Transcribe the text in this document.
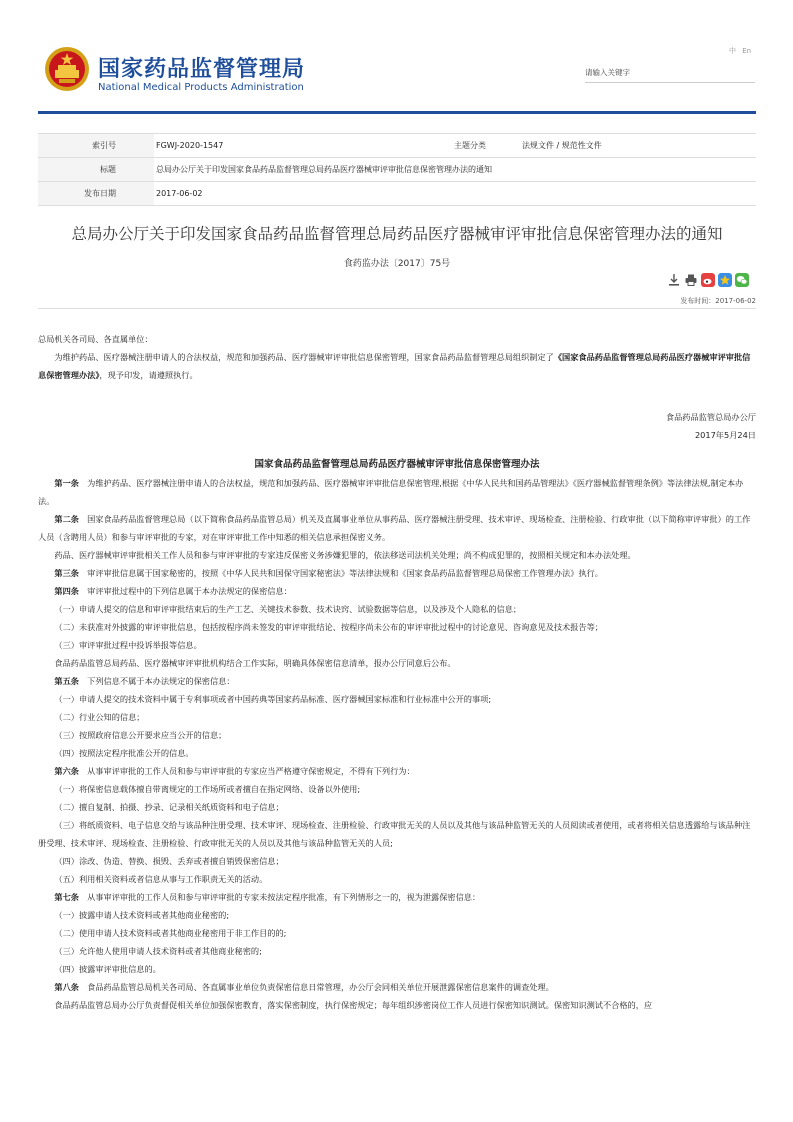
国家药品监督管理局
National Medical Products Administration
中 En
请输入关键字
索引号	FGWJ-2020-1547	主题分类	法规文件 / 规范性文件
标题	总局办公厅关于印发国家食品药品监督管理总局药品医疗器械审评审批信息保密管理办法的通知		
发布日期	2017-06-02		
总局办公厅关于印发国家食品药品监督管理总局药品医疗器械审评审批信息保密管理办法的通知
食药监办法〔2017〕75号
发布时间：2017-06-02

总局机关各司局、各直属单位：

为维护药品、医疗器械注册申请人的合法权益，规范和加强药品、医疗器械审评审批信息保密管理，国家食品药品监督管理总局组织制定了《国家食品药品监督管理总局药品医疗器械审评审批信息保密管理办法》，现予印发，请遵照执行。

食品药品监管总局办公厅

2017年5月24日

国家食品药品监督管理总局药品医疗器械审评审批信息保密管理办法

第一条　 为维护药品、医疗器械注册申请人的合法权益，规范和加强药品、医疗器械审评审批信息保密管理,根据《中华人民共和国药品管理法》《医疗器械监督管理条例》等法律法规,制定本办法。

第二条　 国家食品药品监督管理总局（以下简称食品药品监管总局）机关及直属事业单位从事药品、医疗器械注册受理、技术审评、现场检查、注册检验、行政审批（以下简称审评审批）的工作人员（含聘用人员）和参与审评审批的专家，对在审评审批工作中知悉的相关信息承担保密义务。

药品、医疗器械审评审批相关工作人员和参与审评审批的专家违反保密义务涉嫌犯罪的，依法移送司法机关处理；尚不构成犯罪的，按照相关规定和本办法处理。

第三条　 审评审批信息属于国家秘密的，按照《中华人民共和国保守国家秘密法》等法律法规和《国家食品药品监督管理总局保密工作管理办法》执行。

第四条　 审评审批过程中的下列信息属于本办法规定的保密信息：

（一）申请人提交的信息和审评审批结束后的生产工艺、关键技术参数、技术诀窍、试验数据等信息，以及涉及个人隐私的信息；

（二）未获准对外披露的审评审批信息，包括按程序尚未签发的审评审批结论、按程序尚未公布的审评审批过程中的讨论意见、咨询意见及技术报告等；

（三）审评审批过程中投诉举报等信息。

食品药品监管总局药品、医疗器械审评审批机构结合工作实际，明确具体保密信息清单，报办公厅同意后公布。

第五条　 下列信息不属于本办法规定的保密信息：

（一）申请人提交的技术资料中属于专利事项或者中国药典等国家药品标准、医疗器械国家标准和行业标准中公开的事项;

（二）行业公知的信息；

（三）按照政府信息公开要求应当公开的信息；

（四）按照法定程序批准公开的信息。

第六条　 从事审评审批的工作人员和参与审评审批的专家应当严格遵守保密规定，不得有下列行为：

（一）将保密信息载体擅自带离规定的工作场所或者擅自在指定网络、设备以外使用;

（二）擅自复制、拍摄、抄录、记录相关纸质资料和电子信息；

（三）将纸质资料、电子信息交给与该品种注册受理、技术审评、现场检查、注册检验、行政审批无关的人员以及其他与该品种监管无关的人员阅读或者使用，或者将相关信息透露给与该品种注册受理、技术审评、现场检查、注册检验、行政审批无关的人员以及其他与该品种监管无关的人员;

（四）涂改、伪造、替换、损毁、丢弃或者擅自销毁保密信息；

（五）利用相关资料或者信息从事与工作职责无关的活动。

第七条　 从事审评审批的工作人员和参与审评审批的专家未按法定程序批准，有下列情形之一的，视为泄露保密信息：

（一）披露申请人技术资料或者其他商业秘密的;

（二）使用申请人技术资料或者其他商业秘密用于非工作目的的;

（三）允许他人使用申请人技术资料或者其他商业秘密的;

（四）披露审评审批信息的。

第八条　 食品药品监管总局机关各司局、各直属事业单位负责保密信息日常管理，办公厅会同相关单位开展泄露保密信息案件的调查处理。

食品药品监管总局办公厅负责督促相关单位加强保密教育，落实保密制度，执行保密规定；每年组织涉密岗位工作人员进行保密知识测试。保密知识测试不合格的，应
